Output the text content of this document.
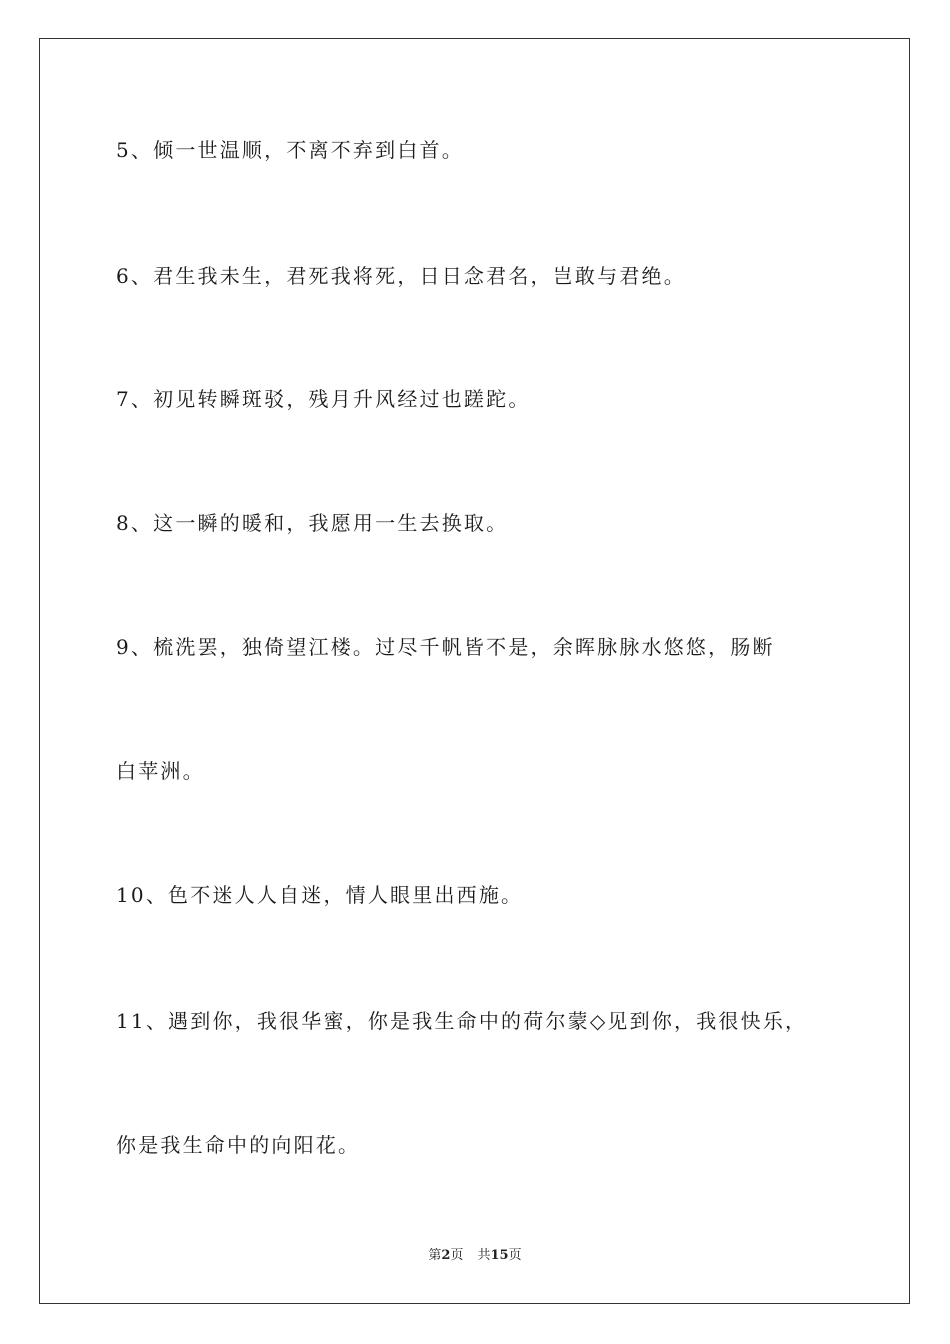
5、倾一世温顺，不离不弃到白首。
6、君生我未生，君死我将死，日日念君名，岂敢与君绝。
7、初见转瞬斑驳，残月升风经过也蹉跎。
8、这一瞬的暖和，我愿用一生去换取。
9、梳洗罢，独倚望江楼。过尽千帆皆不是，余晖脉脉水悠悠，肠断
白苹洲。
10、色不迷人人自迷，情人眼里出西施。
11、遇到你，我很华蜜，你是我生命中的荷尔蒙◇见到你，我很快乐，
你是我生命中的向阳花。
第2页 共15页
